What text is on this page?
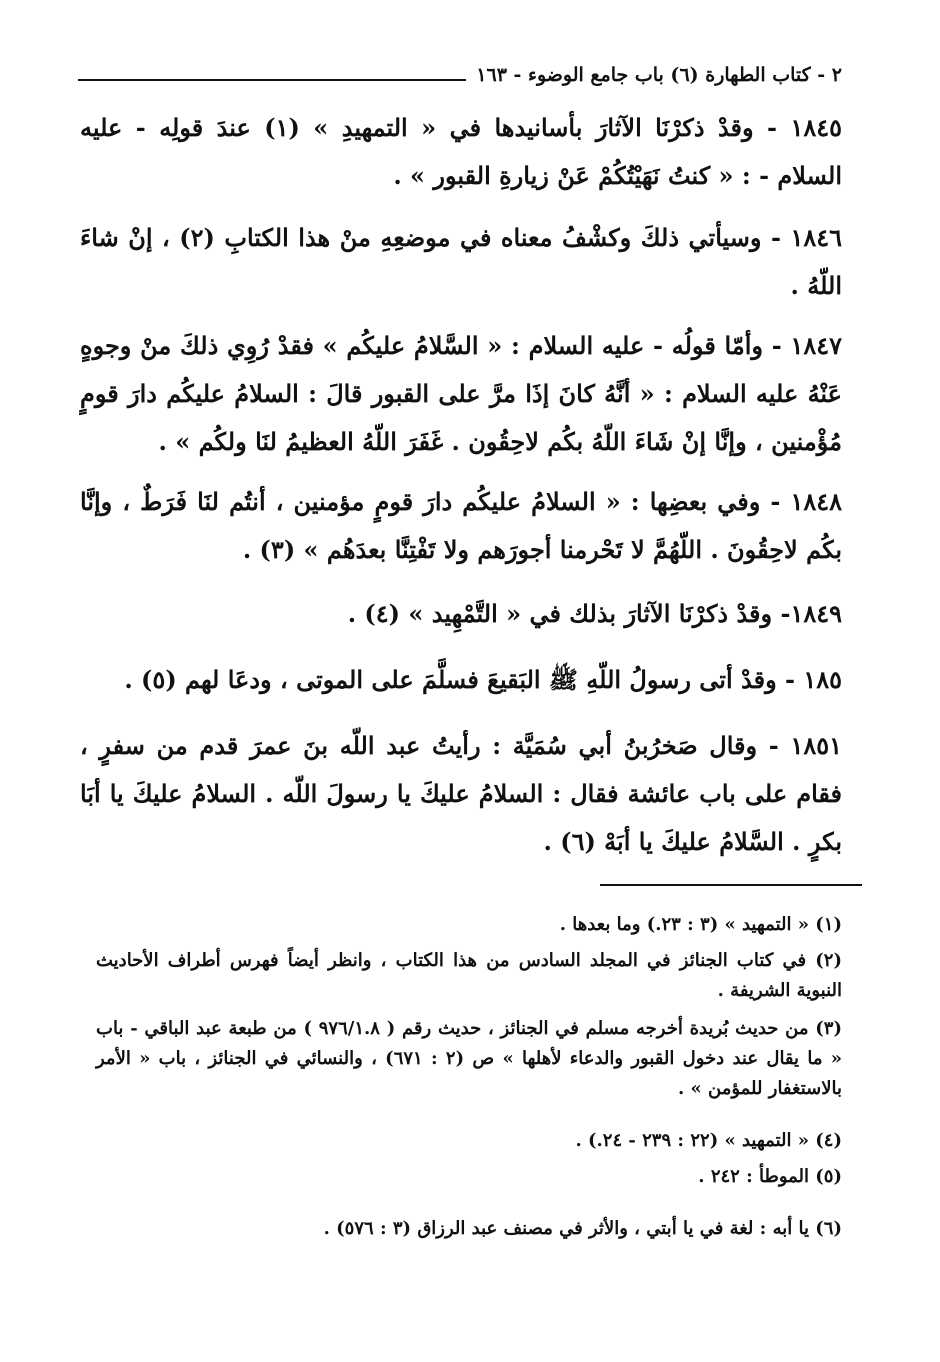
٢ - كتاب الطهارة (٦) باب جامع الوضوء - ١٦٣
١٨٤٥ - وقدْ ذكرْنَا الآثارَ بأسانيدها في « التمهيدِ » (١) عندَ قولِه - عليه السلام - : « كنتُ نَهَيْتُكُمْ عَنْ زيارةِ القبور » .
١٨٤٦ - وسيأتي ذلكَ وكشْفُ معناه في موضعِهِ منْ هذا الكتابِ (٢) ، إنْ شاءَ اللّهُ .
١٨٤٧ - وأمّا قولُه - عليه السلام : « السَّلامُ عليكُم » فقدْ رُوِي ذلكَ منْ وجوهٍ عَنْهُ عليه السلام : « أنَّهُ كانَ إذَا مرَّ على القبور قالَ : السلامُ عليكُم دارَ قومٍ مُؤْمنين ، وإنَّا إنْ شَاءَ اللّهُ بكُم لاحِقُون . غَفَرَ اللّهُ العظيمُ لنَا ولكُم » .
١٨٤٨ - وفي بعضِها : « السلامُ عليكُم دارَ قومٍ مؤمنين ، أنتُم لنَا فَرَطٌ ، وإنَّا بكُم لاحِقُونَ . اللّهُمَّ لا تَحْرمنا أجورَهم ولا تَفْتِنَّا بعدَهُم » (٣) .
١٨٤٩- وقدْ ذكرْنَا الآثارَ بذلك في « التَّمْهِيد » (٤) .
١٨٥ - وقدْ أتى رسولُ اللّهِ ﷺ البَقيعَ فسلَّمَ على الموتى ، ودعَا لهم (٥) .
١٨٥١ - وقال صَخرُبنُ أبي سُمَيَّة : رأيتُ عبد اللّه بنَ عمرَ قدم من سفرٍ ، فقام على باب عائشة فقال : السلامُ عليكَ يا رسولَ اللّه . السلامُ عليكَ يا أبَا بكرٍ . السَّلامُ عليكَ يا أبَهْ (٦) .
(١) « التمهيد » (٣ : ٢٣.) وما بعدها .
(٢) في كتاب الجنائز في المجلد السادس من هذا الكتاب ، وانظر أيضاً فهرس أطراف الأحاديث النبوية الشريفة .
(٣) من حديث بُريدة أخرجه مسلم في الجنائز ، حديث رقم ( ٩٧٦/١.٨ ) من طبعة عبد الباقي - باب « ما يقال عند دخول القبور والدعاء لأهلها » ص (٢ : ٦٧١) ، والنسائي في الجنائز ، باب « الأمر بالاستغفار للمؤمن » .
(٤) « التمهيد » (٢٢ : ٢٣٩ - ٢٤.) .
(٥) الموطأ : ٢٤٢ .
(٦) يا أبه : لغة في يا أبتي ، والأثر في مصنف عبد الرزاق (٣ : ٥٧٦) .
